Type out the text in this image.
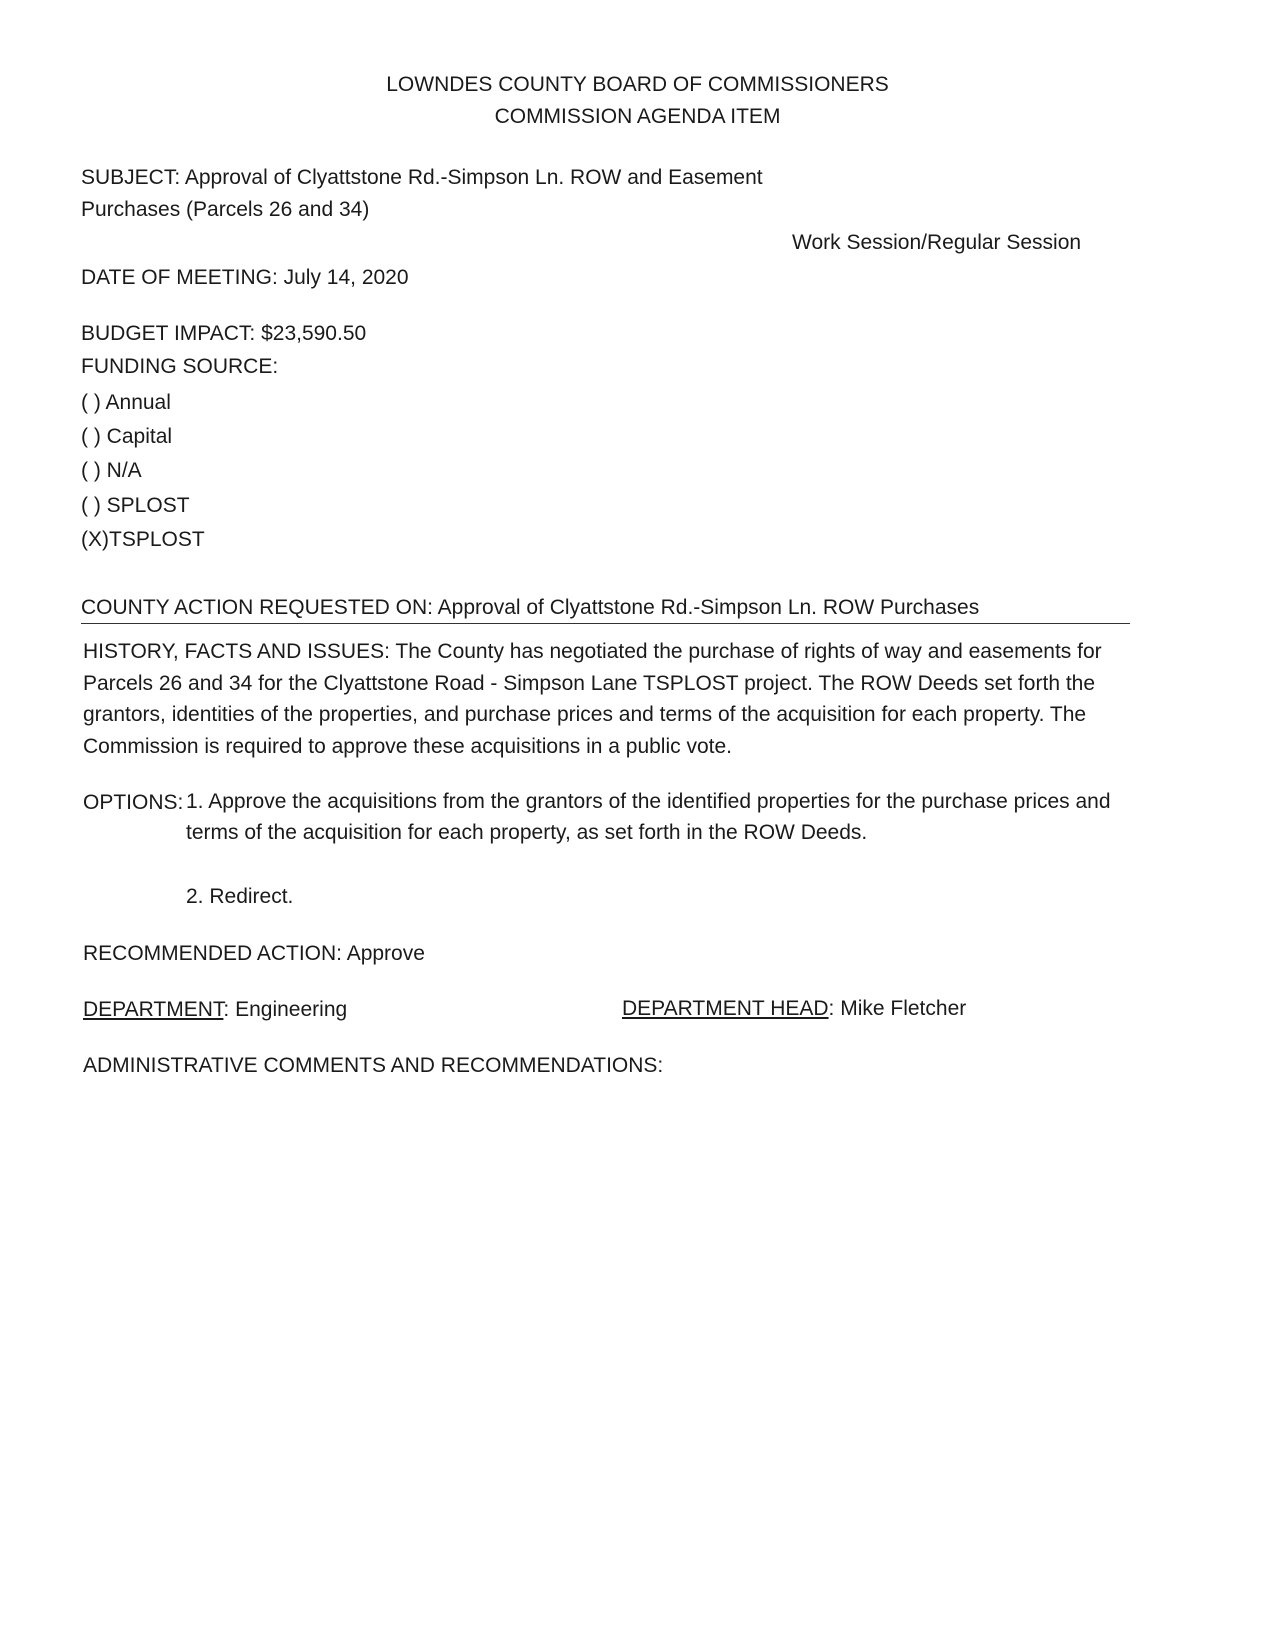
LOWNDES COUNTY BOARD OF COMMISSIONERS
COMMISSION AGENDA ITEM
SUBJECT: Approval of Clyattstone Rd.-Simpson Ln. ROW and Easement
Purchases (Parcels 26 and 34)
Work Session/Regular Session
DATE OF MEETING: July 14, 2020
BUDGET IMPACT: $23,590.50
FUNDING SOURCE:
( ) Annual
( ) Capital
( ) N/A
( ) SPLOST
(X)TSPLOST
COUNTY ACTION REQUESTED ON: Approval of Clyattstone Rd.-Simpson Ln. ROW Purchases
HISTORY, FACTS AND ISSUES: The County has negotiated the purchase of rights of way and easements for Parcels 26 and 34 for the Clyattstone Road - Simpson Lane TSPLOST project. The ROW Deeds set forth the grantors, identities of the properties, and purchase prices and terms of the acquisition for each property. The Commission is required to approve these acquisitions in a public vote.
OPTIONS: 1. Approve the acquisitions from the grantors of the identified properties for the purchase prices and terms of the acquisition for each property, as set forth in the ROW Deeds.
2. Redirect.
RECOMMENDED ACTION: Approve
DEPARTMENT: Engineering	DEPARTMENT HEAD: Mike Fletcher
ADMINISTRATIVE COMMENTS AND RECOMMENDATIONS:
